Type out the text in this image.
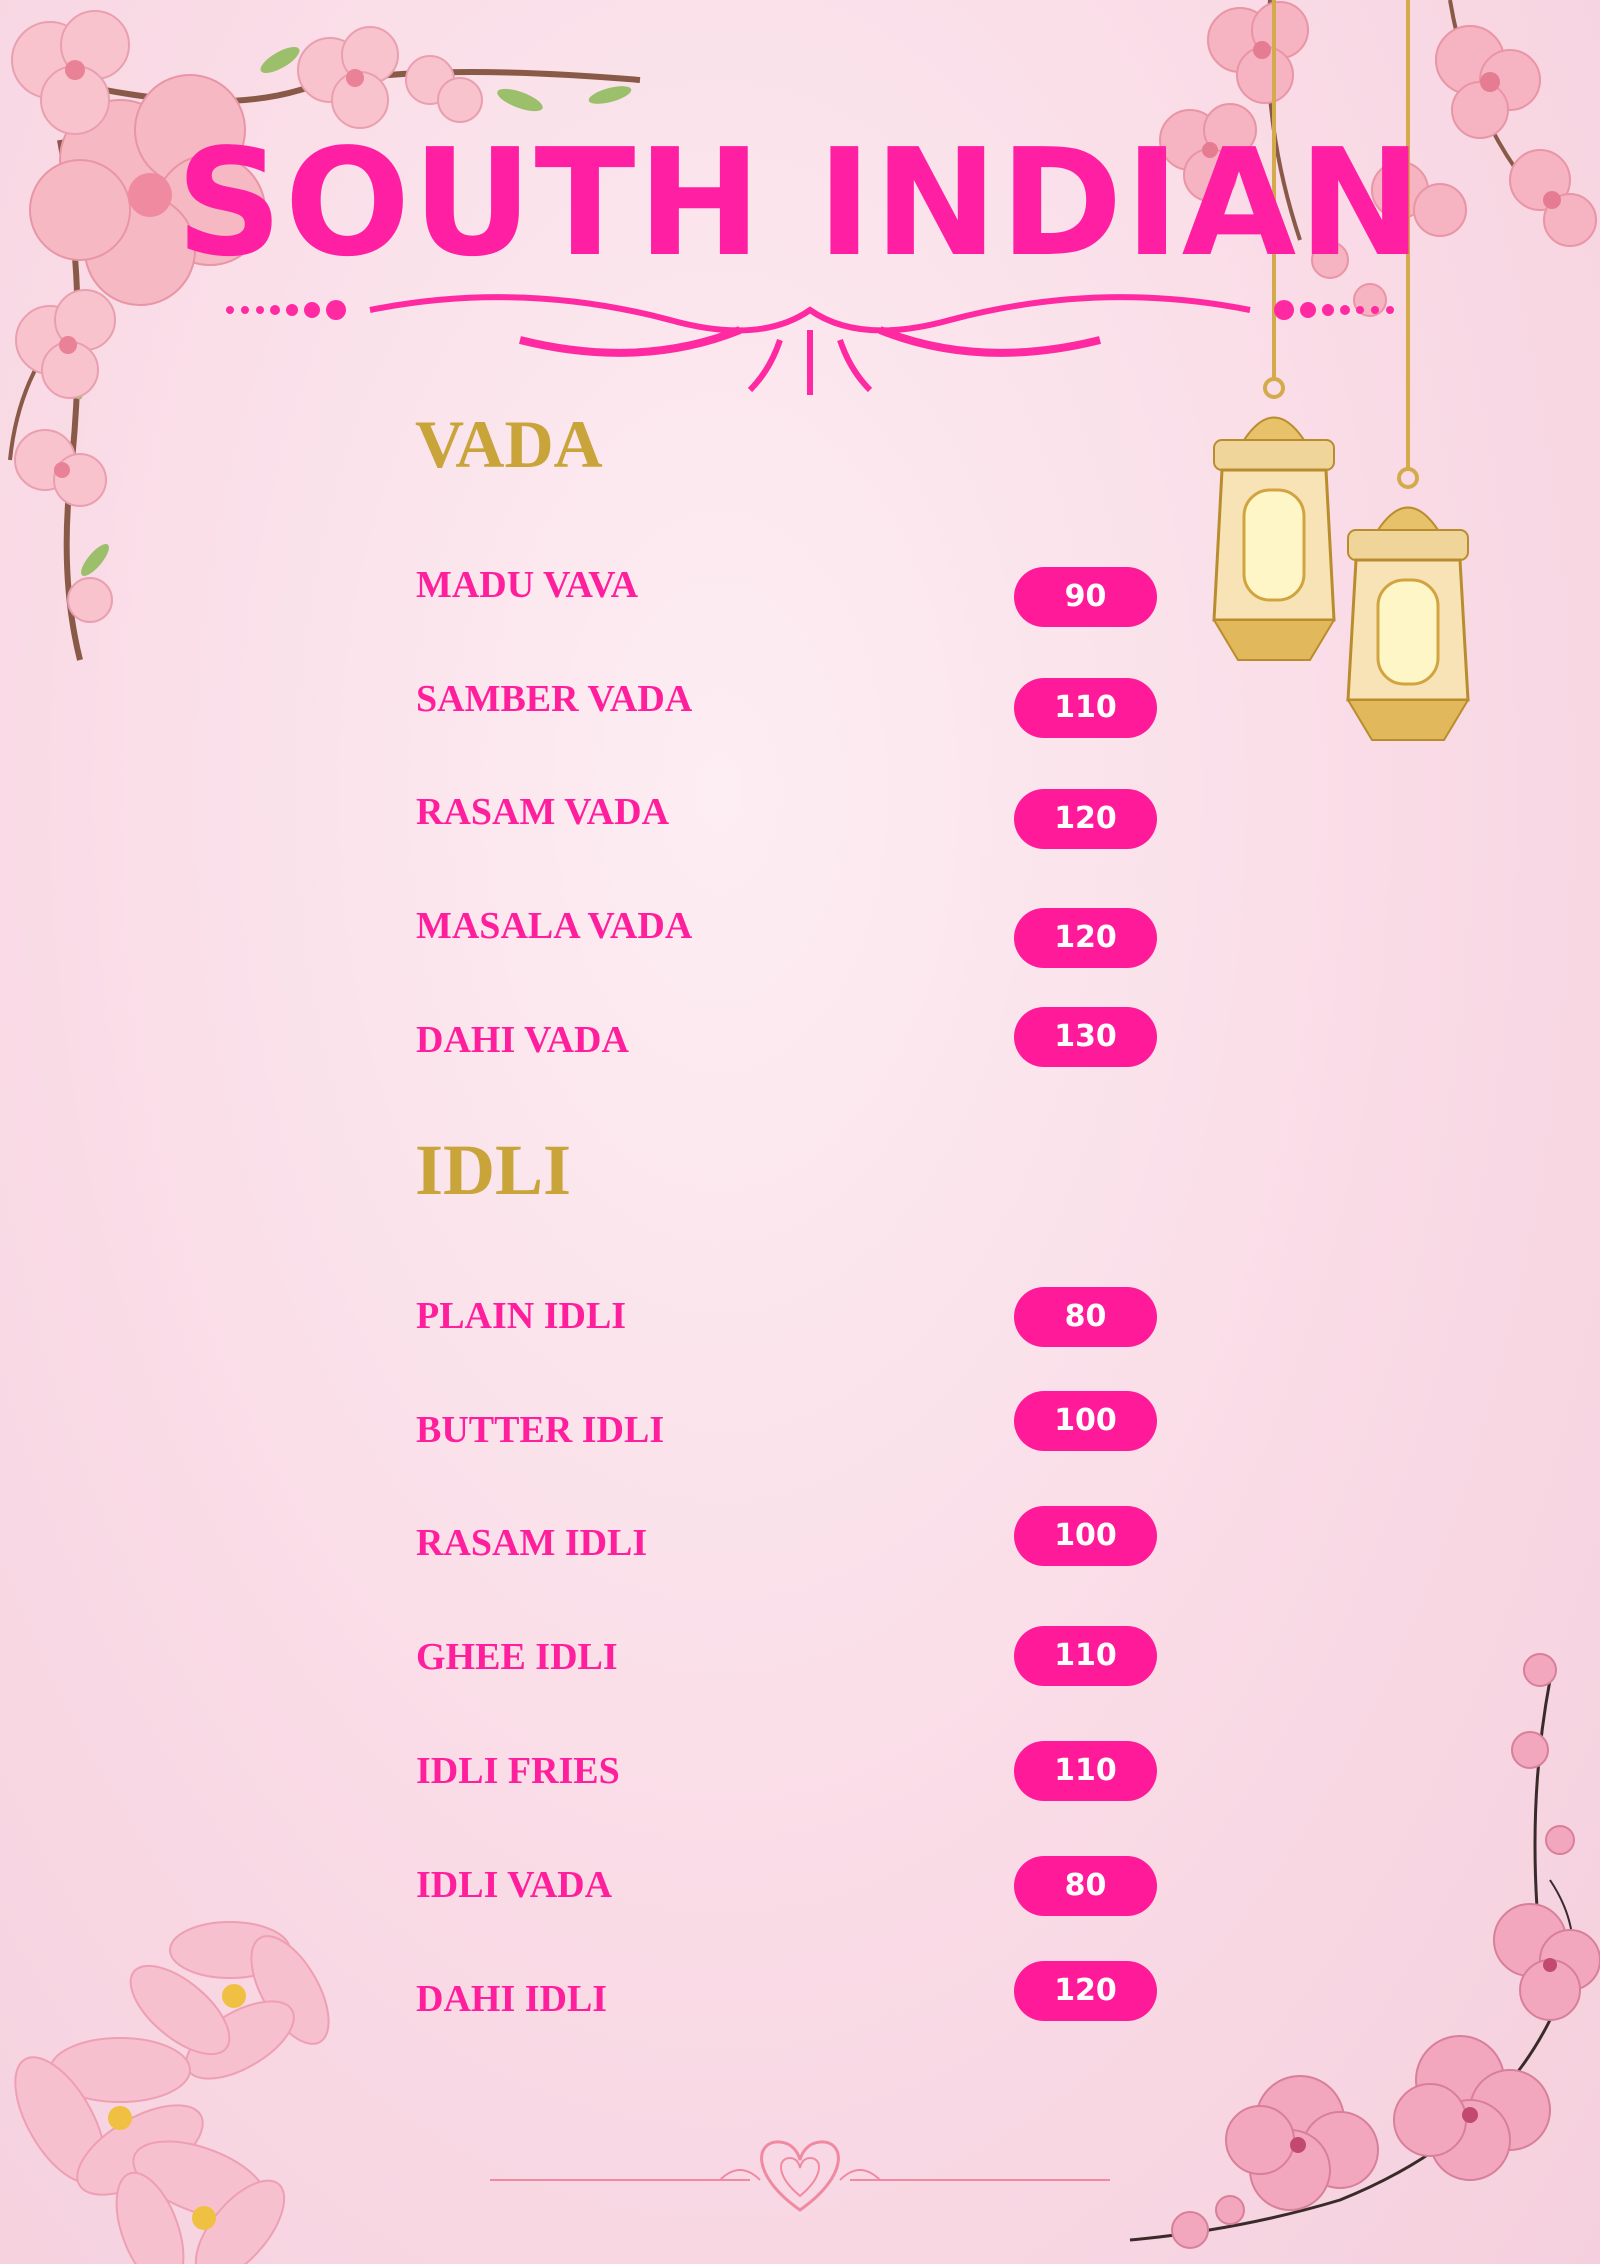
SOUTH INDIAN
VADA
MADU VAVA	90
SAMBER VADA	110
RASAM VADA	120
MASALA VADA	120
DAHI VADA	130
IDLI
PLAIN IDLI	80
BUTTER IDLI	100
RASAM IDLI	100
GHEE IDLI	110
IDLI FRIES	110
IDLI VADA	80
DAHI IDLI	120
